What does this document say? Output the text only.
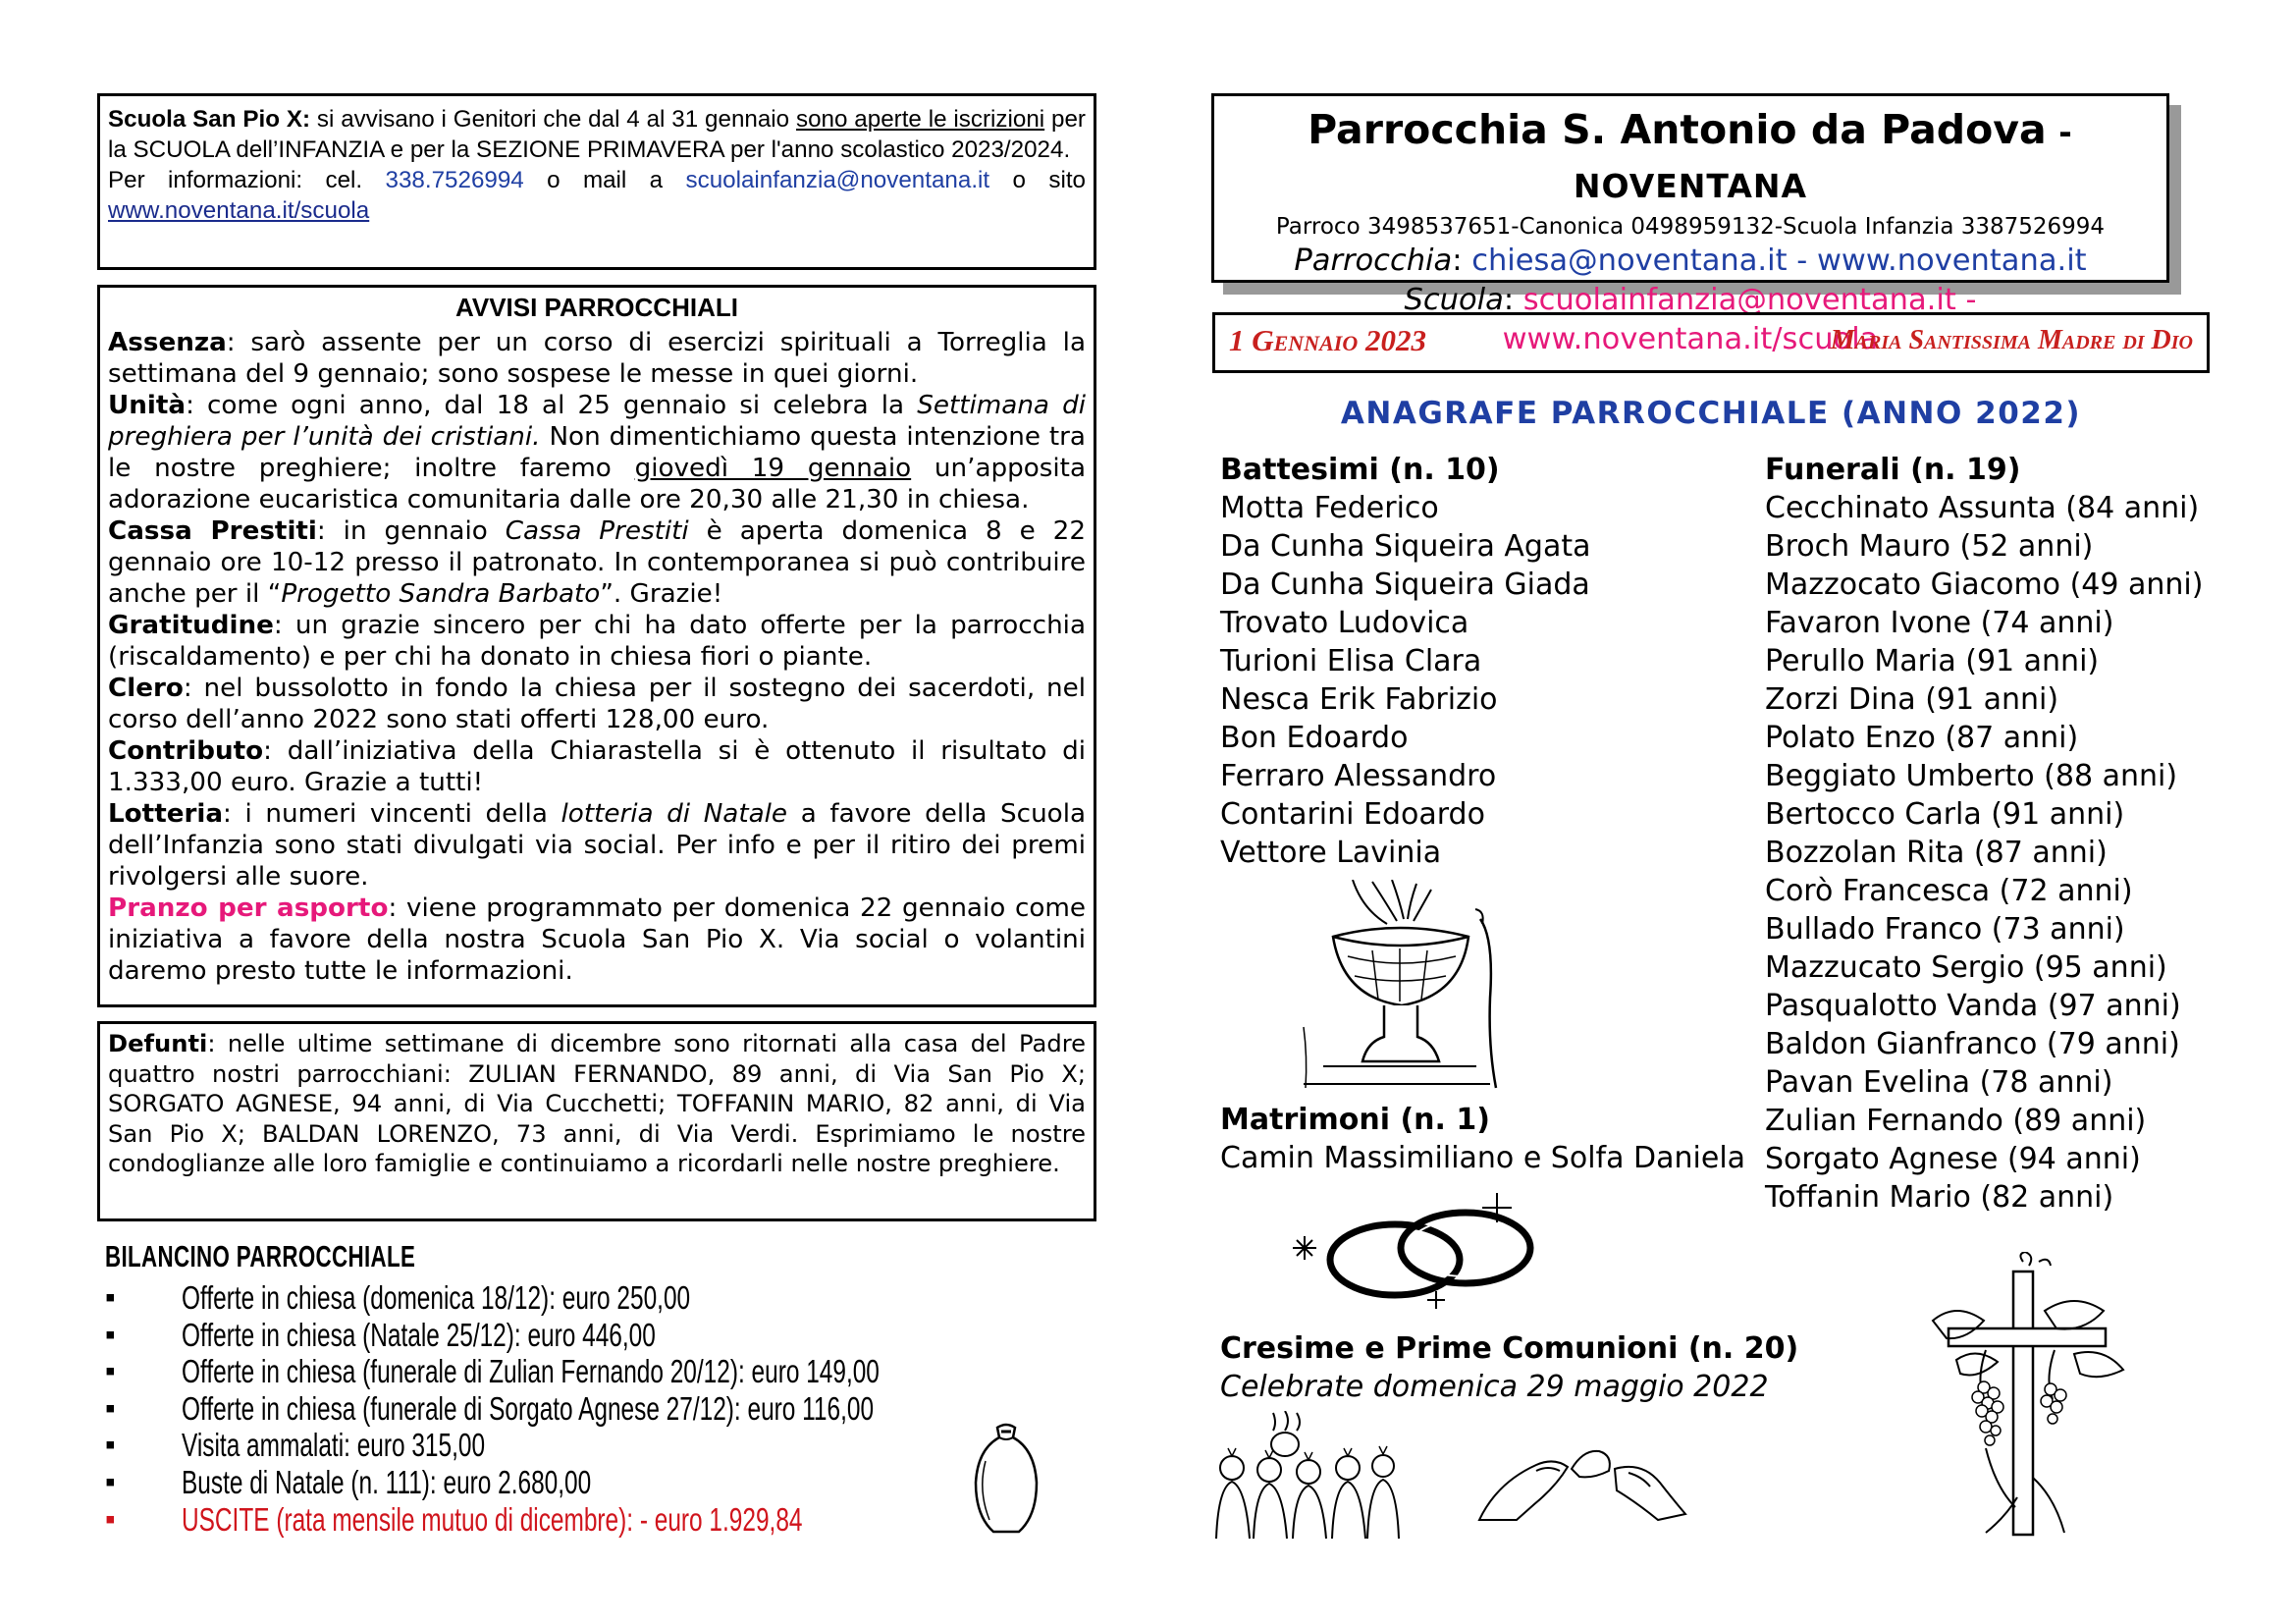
Scuola San Pio X: si avvisano i Genitori che dal 4 al 31 gennaio sono aperte le iscrizioni per la SCUOLA dell’INFANZIA e per la SEZIONE PRIMAVERA per l'anno scolastico 2023/2024.
Per informazioni: cel. 338.7526994 o mail a scuolainfanzia@noventana.it o sito www.noventana.it/scuola
AVVISI PARROCCHIALI

Assenza: sarò assente per un corso di esercizi spirituali a Torreglia la settimana del 9 gennaio; sono sospese le messe in quei giorni.

Unità: come ogni anno, dal 18 al 25 gennaio si celebra la Settimana di preghiera per l’unità dei cristiani. Non dimentichiamo questa intenzione tra le nostre preghiere; inoltre faremo giovedì 19 gennaio un’apposita adorazione eucaristica comunitaria dalle ore 20,30 alle 21,30 in chiesa.

Cassa Prestiti: in gennaio Cassa Prestiti è aperta domenica 8 e 22 gennaio ore 10-12 presso il patronato. In contemporanea si può contribuire anche per il “Progetto Sandra Barbato”. Grazie!

Gratitudine: un grazie sincero per chi ha dato offerte per la parrocchia (riscaldamento) e per chi ha donato in chiesa fiori o piante.

Clero: nel bussolotto in fondo la chiesa per il sostegno dei sacerdoti, nel corso dell’anno 2022 sono stati offerti 128,00 euro.

Contributo: dall’iniziativa della Chiarastella si è ottenuto il risultato di 1.333,00 euro. Grazie a tutti!

Lotteria: i numeri vincenti della lotteria di Natale a favore della Scuola dell’Infanzia sono stati divulgati via social. Per info e per il ritiro dei premi rivolgersi alle suore.

Pranzo per asporto: viene programmato per domenica 22 gennaio come iniziativa a favore della nostra Scuola San Pio X. Via social o volantini daremo presto tutte le informazioni.

Defunti: nelle ultime settimane di dicembre sono ritornati alla casa del Padre quattro nostri parrocchiani: ZULIAN FERNANDO, 89 anni, di Via San Pio X; SORGATO AGNESE, 94 anni, di Via Cucchetti; TOFFANIN MARIO, 82 anni, di Via San Pio X; BALDAN LORENZO, 73 anni, di Via Verdi. Esprimiamo le nostre condoglianze alle loro famiglie e continuiamo a ricordarli nelle nostre preghiere.
BILANCINO PARROCCHIALE
▪ Offerte in chiesa (domenica 18/12): euro 250,00
▪ Offerte in chiesa (Natale 25/12): euro 446,00
▪ Offerte in chiesa (funerale di Zulian Fernando 20/12): euro 149,00
▪ Offerte in chiesa (funerale di Sorgato Agnese 27/12): euro 116,00
▪ Visita ammalati: euro 315,00
▪ Buste di Natale (n. 111): euro 2.680,00
▪ USCITE (rata mensile mutuo di dicembre): - euro 1.929,84
Parrocchia S. Antonio da Padova - NOVENTANA
Parroco 3498537651-Canonica 0498959132-Scuola Infanzia 3387526994
Parrocchia: chiesa@noventana.it - www.noventana.it
Scuola: scuolainfanzia@noventana.it - www.noventana.it/scuola
1 Gennaio 2023	Maria Santissima Madre di Dio
ANAGRAFE PARROCCHIALE (ANNO 2022)
Battesimi (n. 10)
Motta Federico
Da Cunha Siqueira Agata
Da Cunha Siqueira Giada
Trovato Ludovica
Turioni Elisa Clara
Nesca Erik Fabrizio
Bon Edoardo
Ferraro Alessandro
Contarini Edoardo
Vettore Lavinia
Matrimoni (n. 1)
Camin Massimiliano e Solfa Daniela
Cresime e Prime Comunioni (n. 20)
Celebrate domenica 29 maggio 2022
Funerali (n. 19)
Cecchinato Assunta (84 anni)
Broch Mauro (52 anni)
Mazzocato Giacomo (49 anni)
Favaron Ivone (74 anni)
Perullo Maria (91 anni)
Zorzi Dina (91 anni)
Polato Enzo (87 anni)
Beggiato Umberto (88 anni)
Bertocco Carla (91 anni)
Bozzolan Rita (87 anni)
Corò Francesca (72 anni)
Bullado Franco (73 anni)
Mazzucato Sergio (95 anni)
Pasqualotto Vanda (97 anni)
Baldon Gianfranco (79 anni)
Pavan Evelina (78 anni)
Zulian Fernando (89 anni)
Sorgato Agnese (94 anni)
Toffanin Mario (82 anni)
